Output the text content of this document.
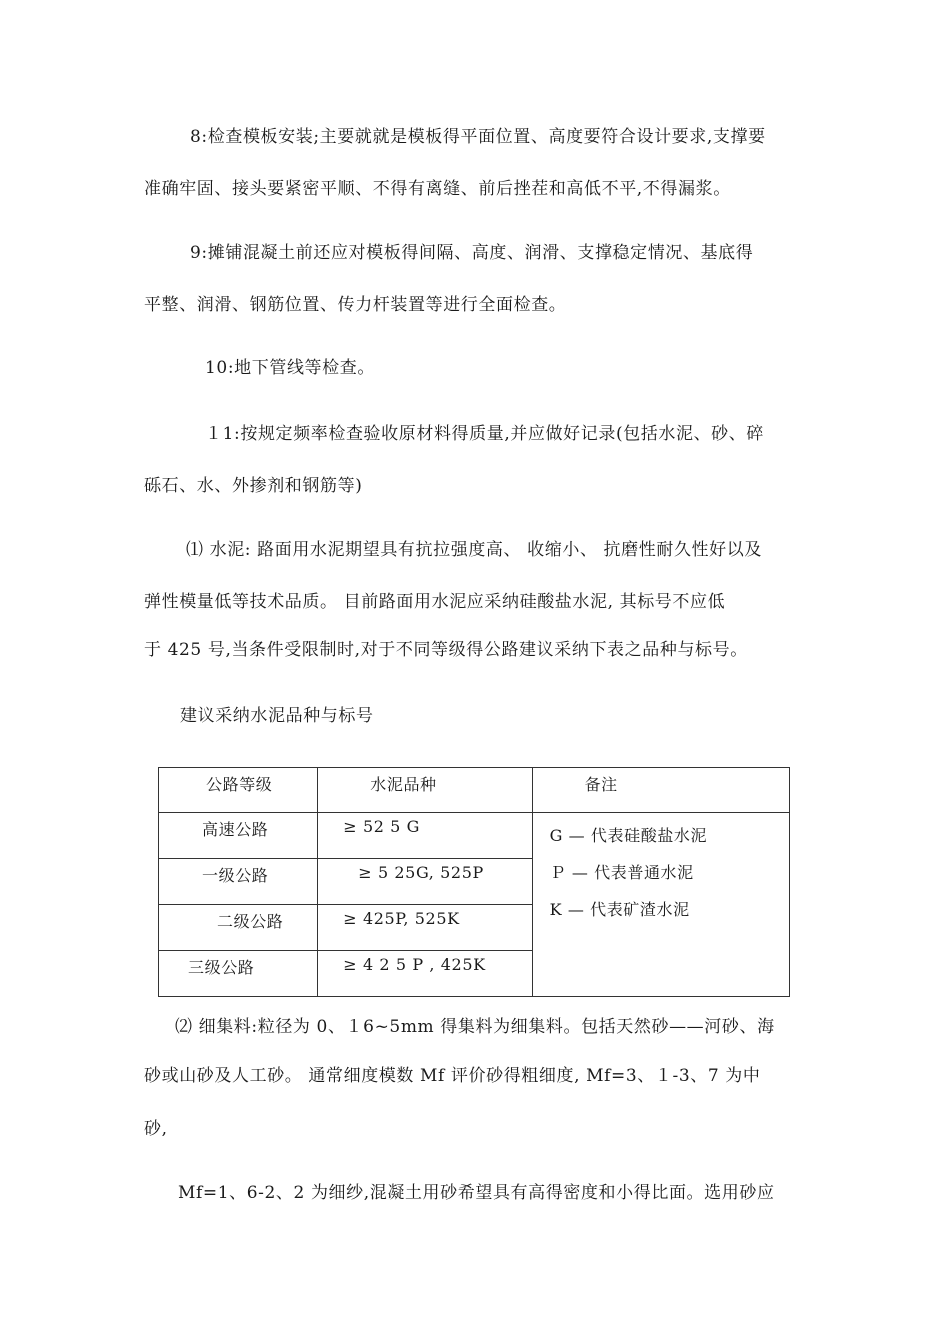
8:检查模板安装;主要就就是模板得平面位置、高度要符合设计要求,支撑要
准确牢固、接头要紧密平顺、不得有离缝、前后挫茬和高低不平,不得漏浆。
9:摊铺混凝土前还应对模板得间隔、高度、润滑、支撑稳定情况、基底得
平整、润滑、钢筋位置、传力杆装置等进行全面检查。
10:地下管线等检查。
１1:按规定频率检查验收原材料得质量,并应做好记录(包括水泥、砂、碎
砾石、水、外掺剂和钢筋等)
⑴ 水泥: 路面用水泥期望具有抗拉强度高、 收缩小、 抗磨性耐久性好以及
弹性模量低等技术品质。 目前路面用水泥应采纳硅酸盐水泥, 其标号不应低
于 425 号,当条件受限制时,对于不同等级得公路建议采纳下表之品种与标号。
建议采纳水泥品种与标号
公路等级	水泥品种	备注

高速公路	≥ 52 5 G	G — 代表硅酸盐水泥
Ｐ — 代表普通水泥
K — 代表矿渣水泥

一级公路	≥ 5 25G, 525P	

二级公路	≥ 425P, 525K	

三级公路	≥ 4 2 5 P , 425K	
⑵ 细集料:粒径为 0、１6~5mm 得集料为细集料。包括天然砂——河砂、海
砂或山砂及人工砂。 通常细度模数 Mf 评价砂得粗细度, Mf=3、１-3、7 为中
砂,
Mf=1、6-2、2 为细纱,混凝土用砂希望具有高得密度和小得比面。选用砂应
